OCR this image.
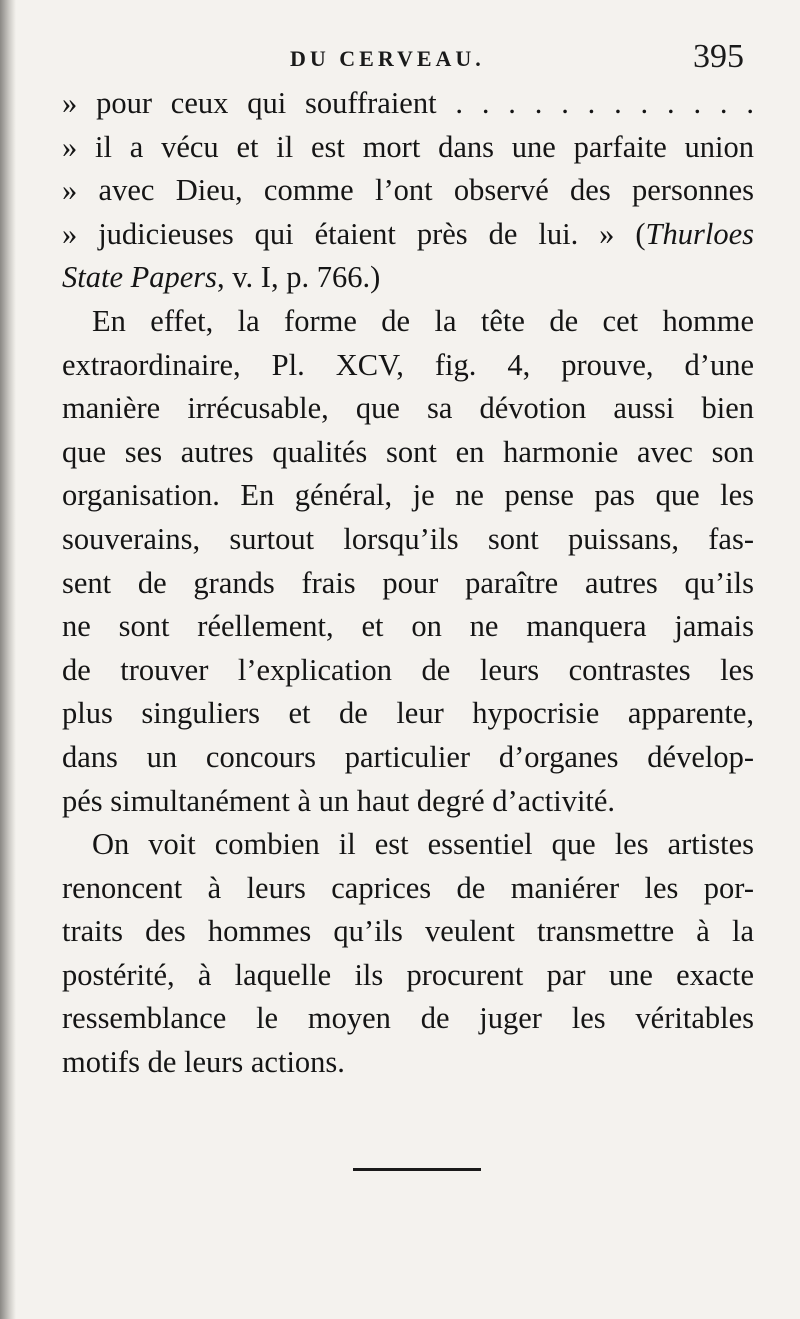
DU CERVEAU.	395
» pour ceux qui souffraient . . . . . . . . . . . .
» il a vécu et il est mort dans une parfaite union
» avec Dieu, comme l’ont observé des personnes
» judicieuses qui étaient près de lui. » (Thurloes
State Papers, v. I, p. 766.)
En effet, la forme de la tête de cet homme
extraordinaire, Pl. XCV, fig. 4, prouve, d’une
manière irrécusable, que sa dévotion aussi bien
que ses autres qualités sont en harmonie avec son
organisation. En général, je ne pense pas que les
souverains, surtout lorsqu’ils sont puissans, fas-
sent de grands frais pour paraître autres qu’ils
ne sont réellement, et on ne manquera jamais
de trouver l’explication de leurs contrastes les
plus singuliers et de leur hypocrisie apparente,
dans un concours particulier d’organes dévelop-
pés simultanément à un haut degré d’activité.
On voit combien il est essentiel que les artistes
renoncent à leurs caprices de maniérer les por-
traits des hommes qu’ils veulent transmettre à la
postérité, à laquelle ils procurent par une exacte
ressemblance le moyen de juger les véritables
motifs de leurs actions.
